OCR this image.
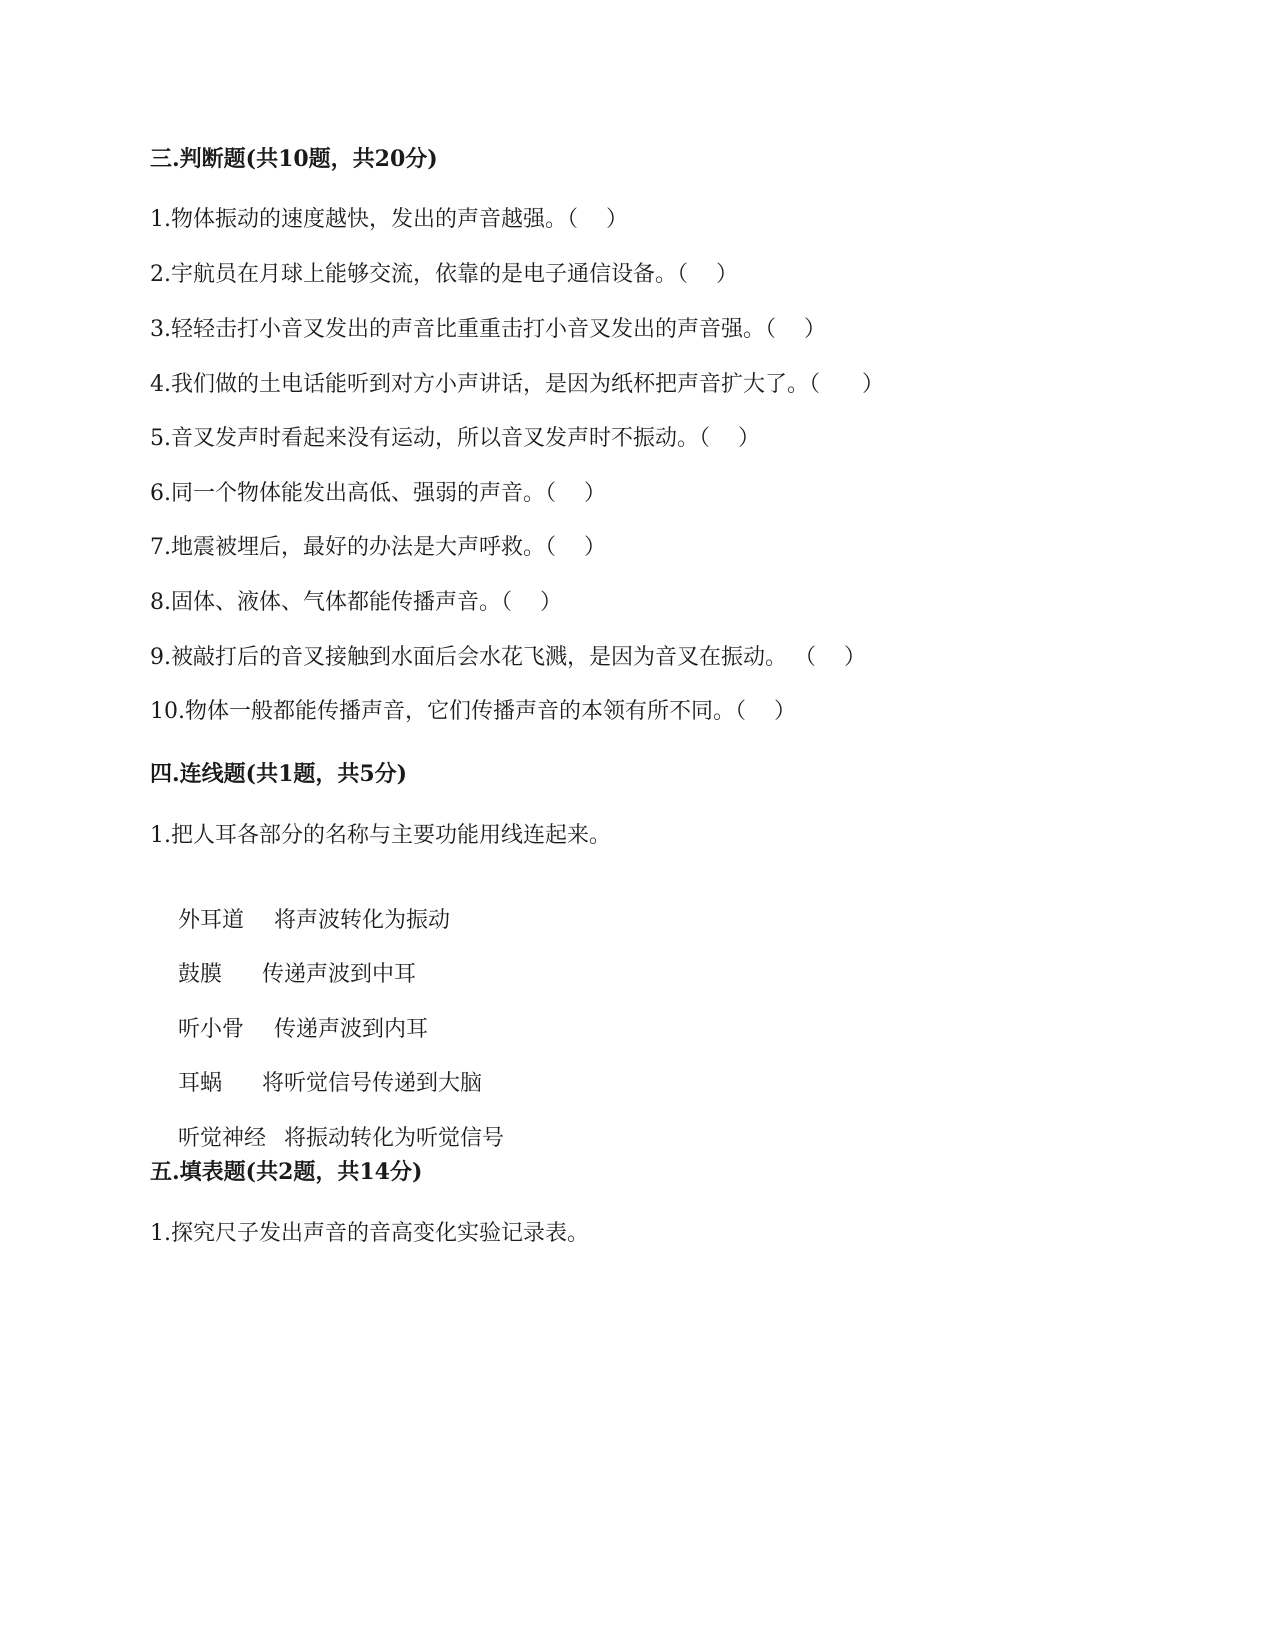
三.判断题(共10题，共20分)
1.物体振动的速度越快，发出的声音越强。（    ）
2.宇航员在月球上能够交流，依靠的是电子通信设备。（    ）
3.轻轻击打小音叉发出的声音比重重击打小音叉发出的声音强。（    ）
4.我们做的土电话能听到对方小声讲话，是因为纸杯把声音扩大了。（      ）
5.音叉发声时看起来没有运动，所以音叉发声时不振动。（    ）
6.同一个物体能发出高低、强弱的声音。（    ）
7.地震被埋后，最好的办法是大声呼救。（    ）
8.固体、液体、气体都能传播声音。（    ）
9.被敲打后的音叉接触到水面后会水花飞溅，是因为音叉在振动。 （    ）
10.物体一般都能传播声音，它们传播声音的本领有所不同。（    ）
四.连线题(共1题，共5分)
1.把人耳各部分的名称与主要功能用线连起来。

外耳道 将声波转化为振动

鼓膜 传递声波到中耳

听小骨 传递声波到内耳

耳蜗 将听觉信号传递到大脑

听觉神经 将振动转化为听觉信号

五.填表题(共2题，共14分)
1.探究尺子发出声音的音高变化实验记录表。
